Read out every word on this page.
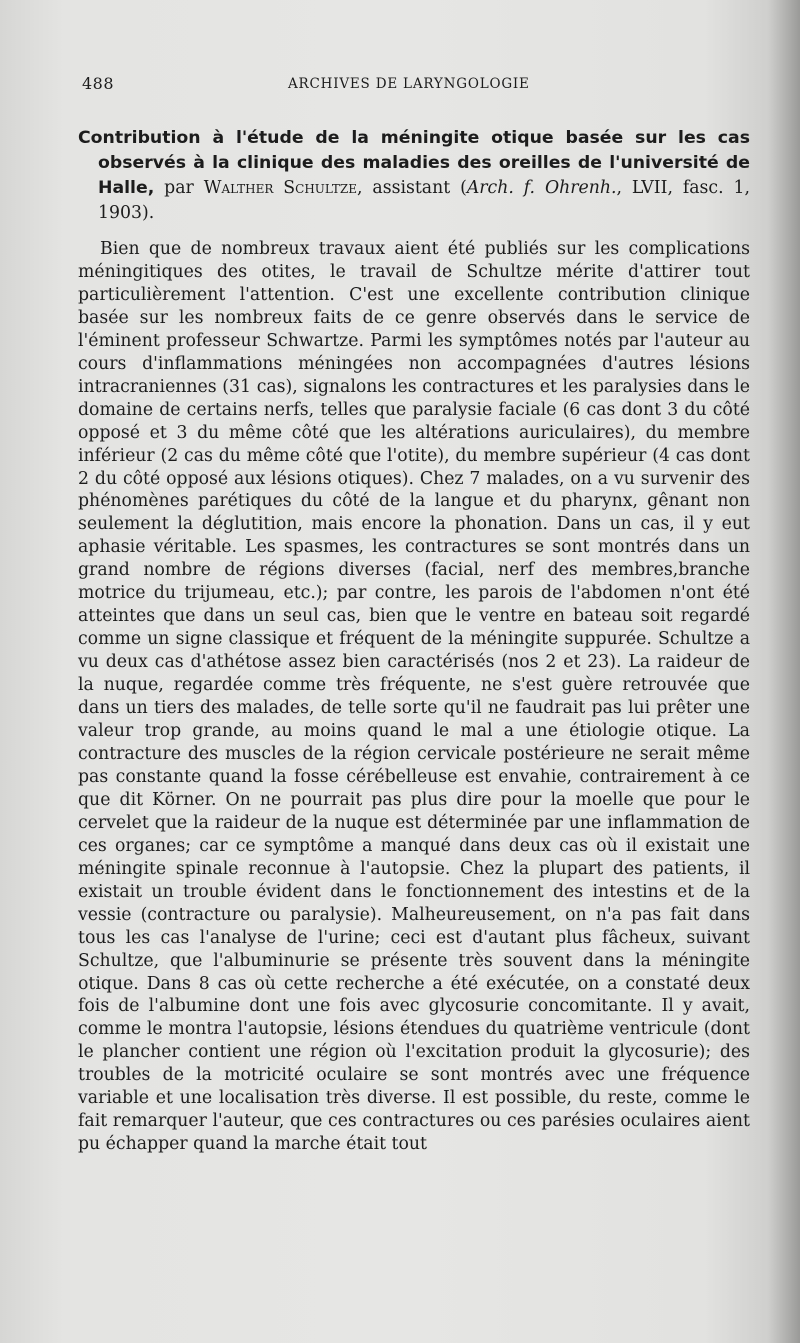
488	ARCHIVES DE LARYNGOLOGIE
Contribution à l'étude de la méningite otique basée sur les cas observés à la clinique des maladies des oreilles de l'université de Halle, par Walther Schultze, assistant (Arch. f. Ohrenh., LVII, fasc. 1, 1903).

Bien que de nombreux travaux aient été publiés sur les complications méningitiques des otites, le travail de Schultze mérite d'attirer tout particulièrement l'attention. C'est une excellente contribution clinique basée sur les nombreux faits de ce genre observés dans le service de l'éminent professeur Schwartze. Parmi les symptômes notés par l'auteur au cours d'inflammations méningées non accompagnées d'autres lésions intracraniennes (31 cas), signalons les contractures et les paralysies dans le domaine de certains nerfs, telles que paralysie faciale (6 cas dont 3 du côté opposé et 3 du même côté que les altérations auriculaires), du membre inférieur (2 cas du même côté que l'otite), du membre supérieur (4 cas dont 2 du côté opposé aux lésions otiques). Chez 7 malades, on a vu survenir des phénomènes parétiques du côté de la langue et du pharynx, gênant non seulement la déglutition, mais encore la phonation. Dans un cas, il y eut aphasie véritable. Les spasmes, les contractures se sont montrés dans un grand nombre de régions diverses (facial, nerf des membres,branche motrice du trijumeau, etc.); par contre, les parois de l'abdomen n'ont été atteintes que dans un seul cas, bien que le ventre en bateau soit regardé comme un signe classique et fréquent de la méningite suppurée. Schultze a vu deux cas d'athétose assez bien caractérisés (nos 2 et 23). La raideur de la nuque, regardée comme très fréquente, ne s'est guère retrouvée que dans un tiers des malades, de telle sorte qu'il ne faudrait pas lui prêter une valeur trop grande, au moins quand le mal a une étiologie otique. La contracture des muscles de la région cervicale postérieure ne serait même pas constante quand la fosse cérébelleuse est envahie, contrairement à ce que dit Körner. On ne pourrait pas plus dire pour la moelle que pour le cervelet que la raideur de la nuque est déterminée par une inflammation de ces organes; car ce symptôme a manqué dans deux cas où il existait une méningite spinale reconnue à l'autopsie. Chez la plupart des patients, il existait un trouble évident dans le fonctionnement des intestins et de la vessie (contracture ou paralysie). Malheureusement, on n'a pas fait dans tous les cas l'analyse de l'urine; ceci est d'autant plus fâcheux, suivant Schultze, que l'albuminurie se présente très souvent dans la méningite otique. Dans 8 cas où cette recherche a été exécutée, on a constaté deux fois de l'albumine dont une fois avec glycosurie concomitante. Il y avait, comme le montra l'autopsie, lésions étendues du quatrième ventricule (dont le plancher contient une région où l'excitation produit la glycosurie); des troubles de la motricité oculaire se sont montrés avec une fréquence variable et une localisation très diverse. Il est possible, du reste, comme le fait remarquer l'auteur, que ces contractures ou ces parésies oculaires aient pu échapper quand la marche était tout
